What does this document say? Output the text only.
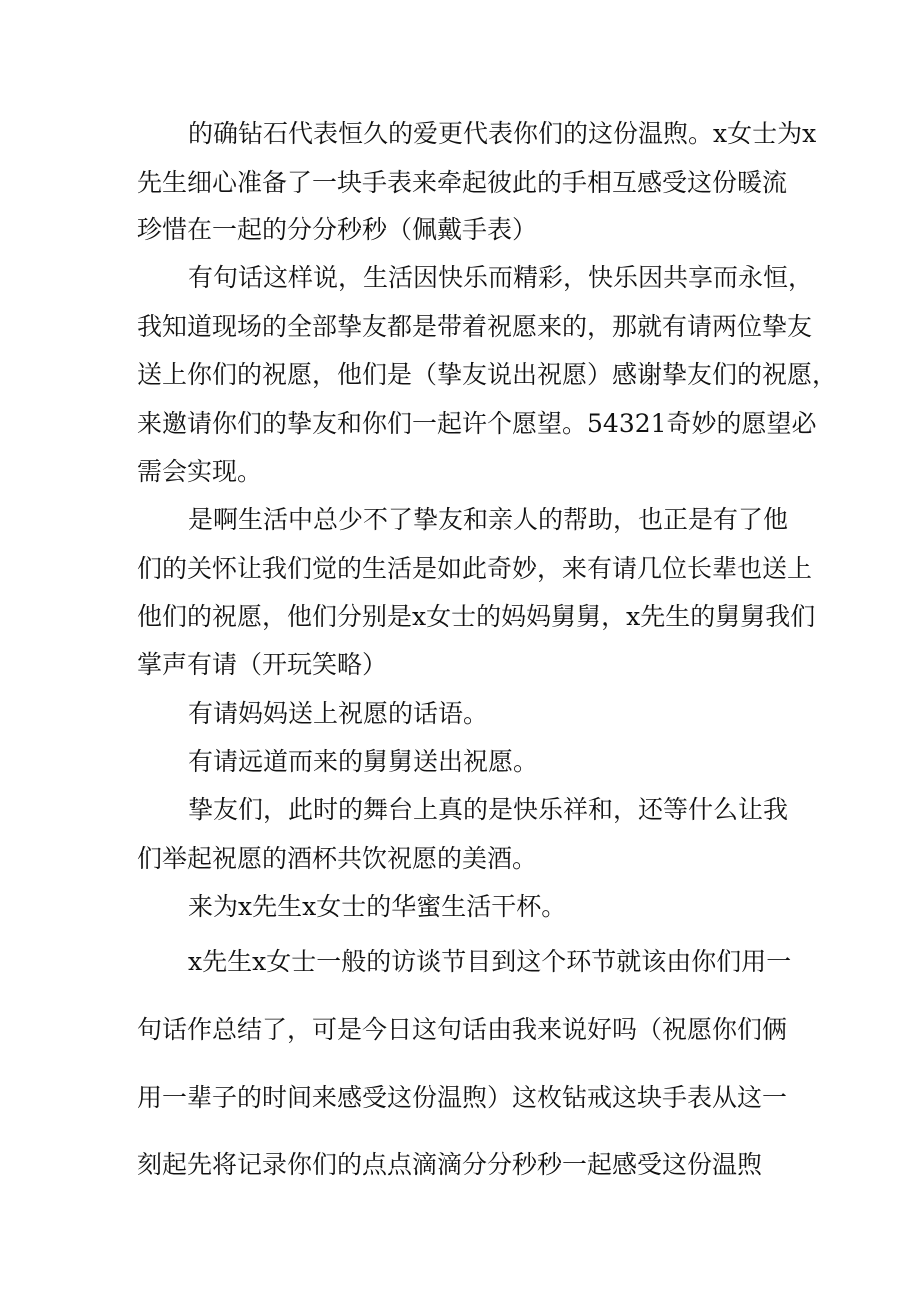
的确钻石代表恒久的爱更代表你们的这份温煦。x女士为x
先生细心准备了一块手表来牵起彼此的手相互感受这份暖流
珍惜在一起的分分秒秒（佩戴手表）
有句话这样说，生活因快乐而精彩，快乐因共享而永恒，
我知道现场的全部挚友都是带着祝愿来的，那就有请两位挚友
送上你们的祝愿，他们是（挚友说出祝愿）感谢挚友们的祝愿，
来邀请你们的挚友和你们一起许个愿望。54321奇妙的愿望必
需会实现。
是啊生活中总少不了挚友和亲人的帮助，也正是有了他
们的关怀让我们觉的生活是如此奇妙，来有请几位长辈也送上
他们的祝愿，他们分别是x女士的妈妈舅舅，x先生的舅舅我们
掌声有请（开玩笑略）
有请妈妈送上祝愿的话语。
有请远道而来的舅舅送出祝愿。
挚友们，此时的舞台上真的是快乐祥和，还等什么让我
们举起祝愿的酒杯共饮祝愿的美酒。
来为x先生x女士的华蜜生活干杯。
x先生x女士一般的访谈节目到这个环节就该由你们用一
句话作总结了，可是今日这句话由我来说好吗（祝愿你们俩
用一辈子的时间来感受这份温煦）这枚钻戒这块手表从这一
刻起先将记录你们的点点滴滴分分秒秒一起感受这份温煦
